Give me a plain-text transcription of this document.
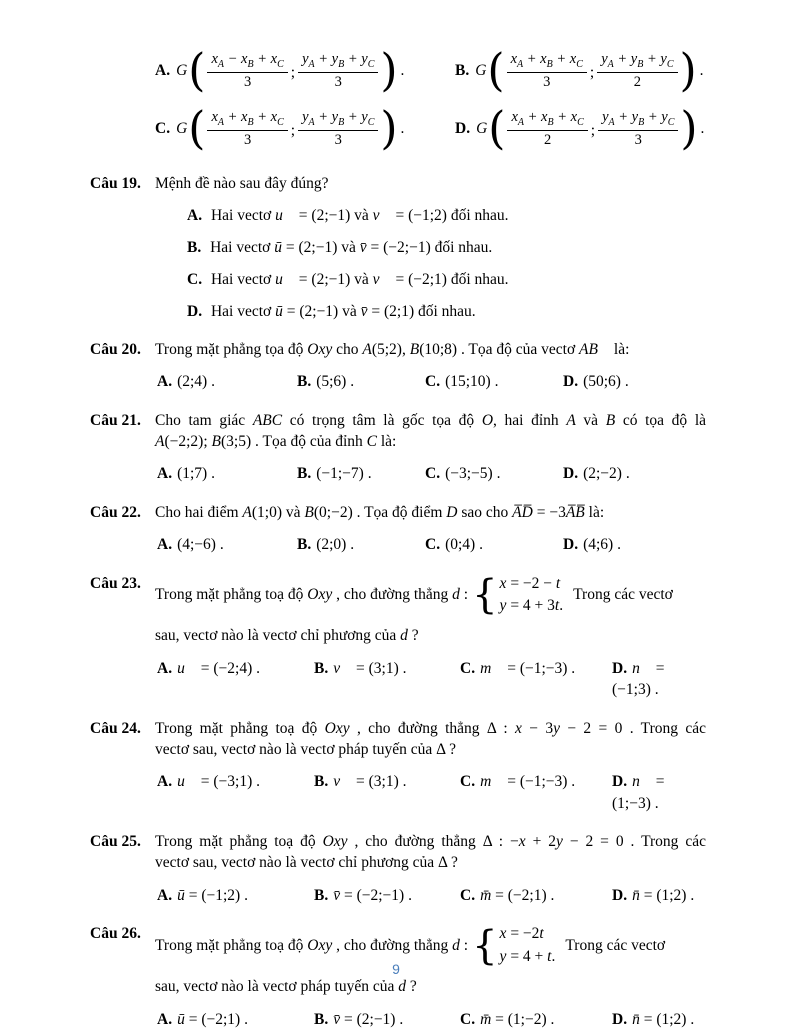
A. G ( $\frac{x_A - x_B + x_C}{3}$ ; $\frac{y_A + y_B + y_C}{3}$ ) .	B. G ( $\frac{x_A + x_B + x_C}{3}$ ; $\frac{y_A + y_B + y_C}{2}$ ) .
C. G ( $\frac{x_A + x_B + x_C}{3}$ ; $\frac{y_A + y_B + y_C}{3}$ ) .	D. G ( $\frac{x_A + x_B + x_C}{2}$ ; $\frac{y_A + y_B + y_C}{3}$ ) .
Câu 19. Mệnh đề nào sau đây đúng?
A. Hai vectơ u⃗ = (2;−1) và v⃗ = (−1;2) đối nhau.
B. Hai vectơ ū = (2;−1) và v̄ = (−2;−1) đối nhau.
C. Hai vectơ u⃗ = (2;−1) và v⃗ = (−2;1) đối nhau.
D. Hai vectơ ū = (2;−1) và v̄ = (2;1) đối nhau.
Câu 20. Trong mặt phẳng tọa độ Oxy cho A(5;2), B(10;8) . Tọa độ của vectơ AB⃗ là:
A. (2;4) .	B. (5;6) .	C. (15;10) .	D. (50;6) .
Câu 21. Cho tam giác ABC có trọng tâm là gốc tọa độ O, hai đỉnh A và B có tọa độ là
A(−2;2); B(3;5) . Tọa độ của đỉnh C là:
A. (1;7) .	B. (−1;−7) .	C. (−3;−5) .	D. (2;−2) .
Câu 22. Cho hai điểm A(1;0) và B(0;−2) . Tọa độ điểm D sao cho A̅D̅ = −3A̅B̅ là:
A. (4;−6) .	B. (2;0) .	C. (0;4) .	D. (4;6) .
Câu 23.
Trong mặt phẳng toạ độ Oxy , cho đường thẳng d : { x = −2 − t
y = 4 + 3t.
Trong các vectơ
sau, vectơ nào là vectơ chỉ phương của d ?
A. u⃗ = (−2;4) .	B. v⃗ = (3;1) .	C. m⃗ = (−1;−3) .	D. n⃗ = (−1;3) .
Câu 24. Trong mặt phẳng toạ độ Oxy , cho đường thẳng Δ : x − 3y − 2 = 0 . Trong các
vectơ sau, vectơ nào là vectơ pháp tuyến của Δ ?
A. u⃗ = (−3;1) .	B. v⃗ = (3;1) .	C. m⃗ = (−1;−3) .	D. n⃗ = (1;−3) .
Câu 25. Trong mặt phẳng toạ độ Oxy , cho đường thẳng Δ : −x + 2y − 2 = 0 . Trong các
vectơ sau, vectơ nào là vectơ chỉ phương của Δ ?
A. ū = (−1;2) .	B. v̄ = (−2;−1) .	C. m̄ = (−2;1) .	D. n̄ = (1;2) .
Câu 26.
Trong mặt phẳng toạ độ Oxy , cho đường thẳng d : { x = −2t
y = 4 + t.
Trong các vectơ
sau, vectơ nào là vectơ pháp tuyến của d ?
A. ū = (−2;1) .	B. v̄ = (2;−1) .	C. m̄ = (1;−2) .	D. n̄ = (1;2) .
9
